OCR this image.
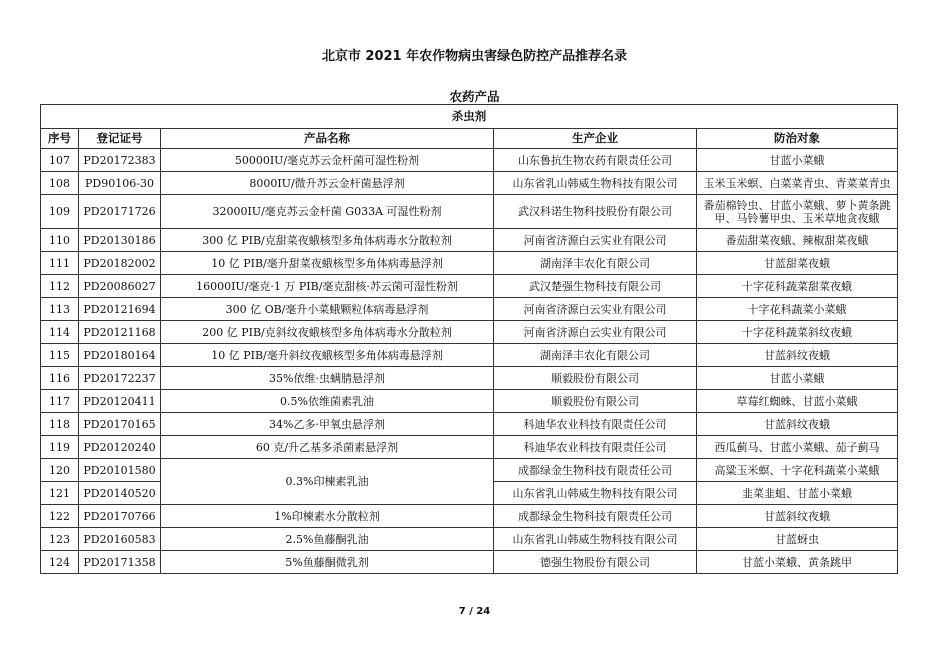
北京市 2021 年农作物病虫害绿色防控产品推荐名录
农药产品
杀虫剂				
序号	登记证号	产品名称	生产企业	防治对象
107	PD20172383	50000IU/毫克苏云金杆菌可湿性粉剂	山东鲁抗生物农药有限责任公司	甘蓝小菜蛾
108	PD90106-30	8000IU/微升苏云金杆菌悬浮剂	山东省乳山韩威生物科技有限公司	玉米玉米螟、白菜菜青虫、青菜菜青虫
109	PD20171726	32000IU/毫克苏云金杆菌 G033A 可湿性粉剂	武汉科诺生物科技股份有限公司	番茄棉铃虫、甘蓝小菜蛾、萝卜黄条跳甲、马铃薯甲虫、玉米草地贪夜蛾
110	PD20130186	300 亿 PIB/克甜菜夜蛾核型多角体病毒水分散粒剂	河南省济源白云实业有限公司	番茄甜菜夜蛾、辣椒甜菜夜蛾
111	PD20182002	10 亿 PIB/毫升甜菜夜蛾核型多角体病毒悬浮剂	湖南泽丰农化有限公司	甘蓝甜菜夜蛾
112	PD20086027	16000IU/毫克·1 万 PIB/毫克甜核·苏云菌可湿性粉剂	武汉楚强生物科技有限公司	十字花科蔬菜甜菜夜蛾
113	PD20121694	300 亿 OB/毫升小菜蛾颗粒体病毒悬浮剂	河南省济源白云实业有限公司	十字花科蔬菜小菜蛾
114	PD20121168	200 亿 PIB/克斜纹夜蛾核型多角体病毒水分散粒剂	河南省济源白云实业有限公司	十字花科蔬菜斜纹夜蛾
115	PD20180164	10 亿 PIB/毫升斜纹夜蛾核型多角体病毒悬浮剂	湖南泽丰农化有限公司	甘蓝斜纹夜蛾
116	PD20172237	35%依维·虫螨腈悬浮剂	顺毅股份有限公司	甘蓝小菜蛾
117	PD20120411	0.5%依维菌素乳油	顺毅股份有限公司	草莓红蜘蛛、甘蓝小菜蛾
118	PD20170165	34%乙多·甲氧虫悬浮剂	科迪华农业科技有限责任公司	甘蓝斜纹夜蛾
119	PD20120240	60 克/升乙基多杀菌素悬浮剂	科迪华农业科技有限责任公司	西瓜蓟马、甘蓝小菜蛾、茄子蓟马
120	PD20101580	0.3%印楝素乳油	成都绿金生物科技有限责任公司	高粱玉米螟、十字花科蔬菜小菜蛾
121	PD20140520		山东省乳山韩威生物科技有限公司	韭菜韭蛆、甘蓝小菜蛾
122	PD20170766	1%印楝素水分散粒剂	成都绿金生物科技有限责任公司	甘蓝斜纹夜蛾
123	PD20160583	2.5%鱼藤酮乳油	山东省乳山韩威生物科技有限公司	甘蓝蚜虫
124	PD20171358	5%鱼藤酮微乳剂	德强生物股份有限公司	甘蓝小菜蛾、黄条跳甲
7 / 24
